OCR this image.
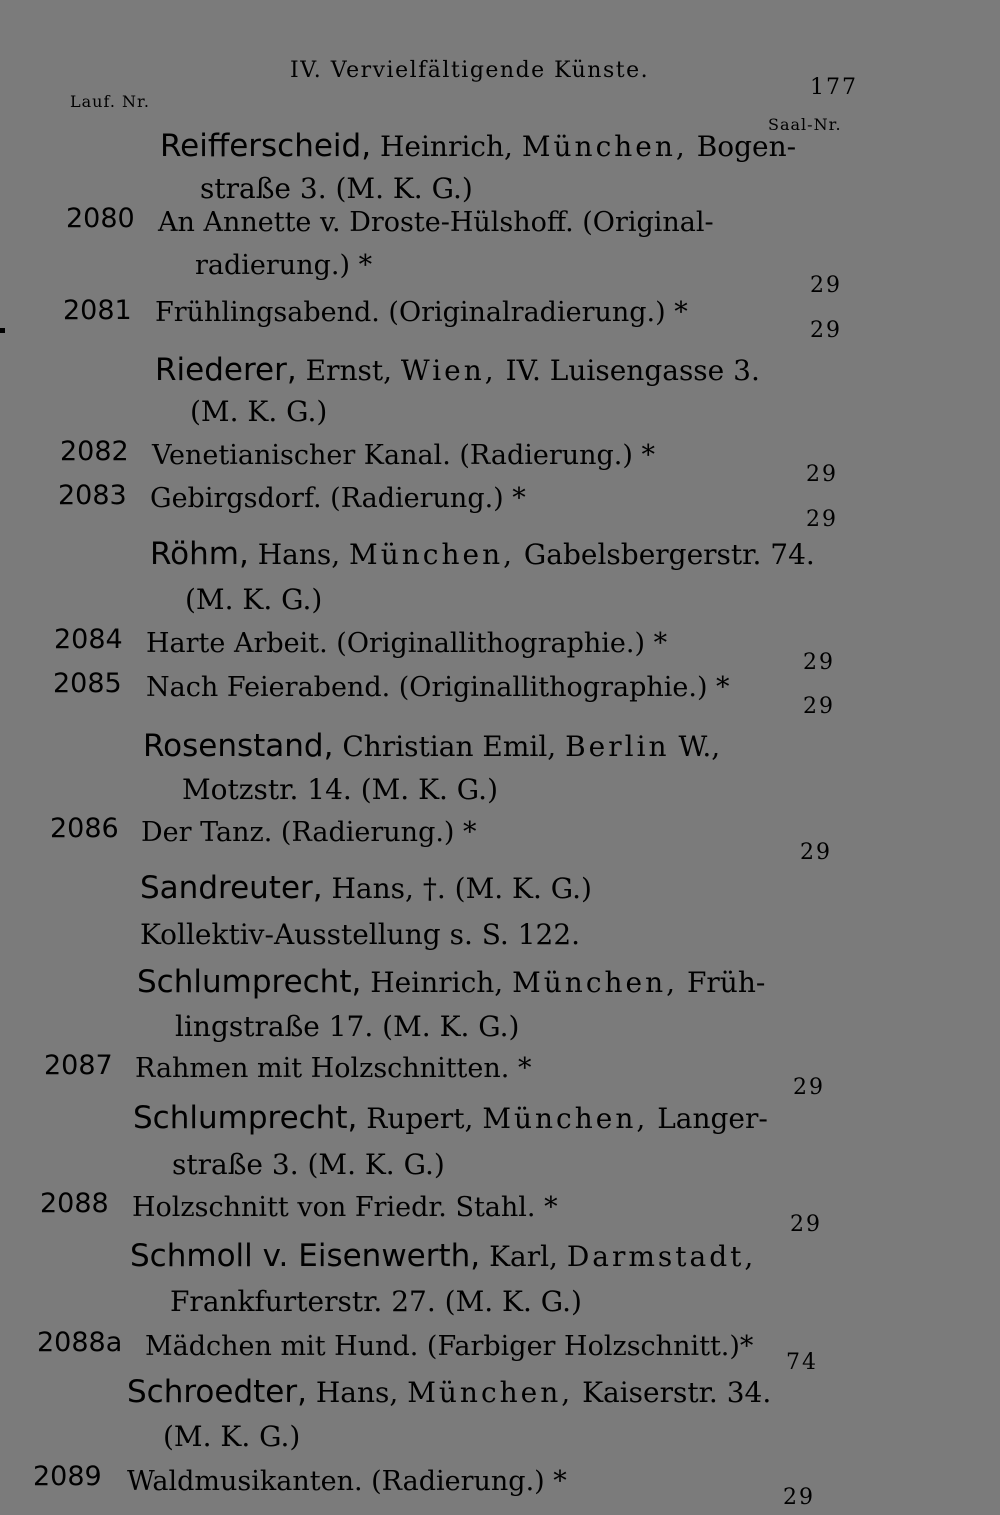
IV. Vervielfältigende Künste.
177
Lauf. Nr.
Saal-Nr.
Reifferscheid, Heinrich, München, Bogen-
straße 3. (M. K. G.)
2080 An Annette v. Droste-Hülshoff. (Original-
radierung.) *
29
2081 Frühlingsabend. (Originalradierung.) *
29
Riederer, Ernst, Wien, IV. Luisengasse 3.
(M. K. G.)
2082 Venetianischer Kanal. (Radierung.) *
29
2083 Gebirgsdorf. (Radierung.) *
29
Röhm, Hans, München, Gabelsbergerstr. 74.
(M. K. G.)
2084 Harte Arbeit. (Originallithographie.) *
29
2085 Nach Feierabend. (Originallithographie.) *
29
Rosenstand, Christian Emil, Berlin W.,
Motzstr. 14. (M. K. G.)
2086 Der Tanz. (Radierung.) *
29
Sandreuter, Hans, †. (M. K. G.)
Kollektiv-Ausstellung s. S. 122.
Schlumprecht, Heinrich, München, Früh-
lingstraße 17. (M. K. G.)
2087 Rahmen mit Holzschnitten. *
29
Schlumprecht, Rupert, München, Langer-
straße 3. (M. K. G.)
2088 Holzschnitt von Friedr. Stahl. *
29
Schmoll v. Eisenwerth, Karl, Darmstadt,
Frankfurterstr. 27. (M. K. G.)
2088a Mädchen mit Hund. (Farbiger Holzschnitt.)*
74
Schroedter, Hans, München, Kaiserstr. 34.
(M. K. G.)
2089 Waldmusikanten. (Radierung.) *
29
